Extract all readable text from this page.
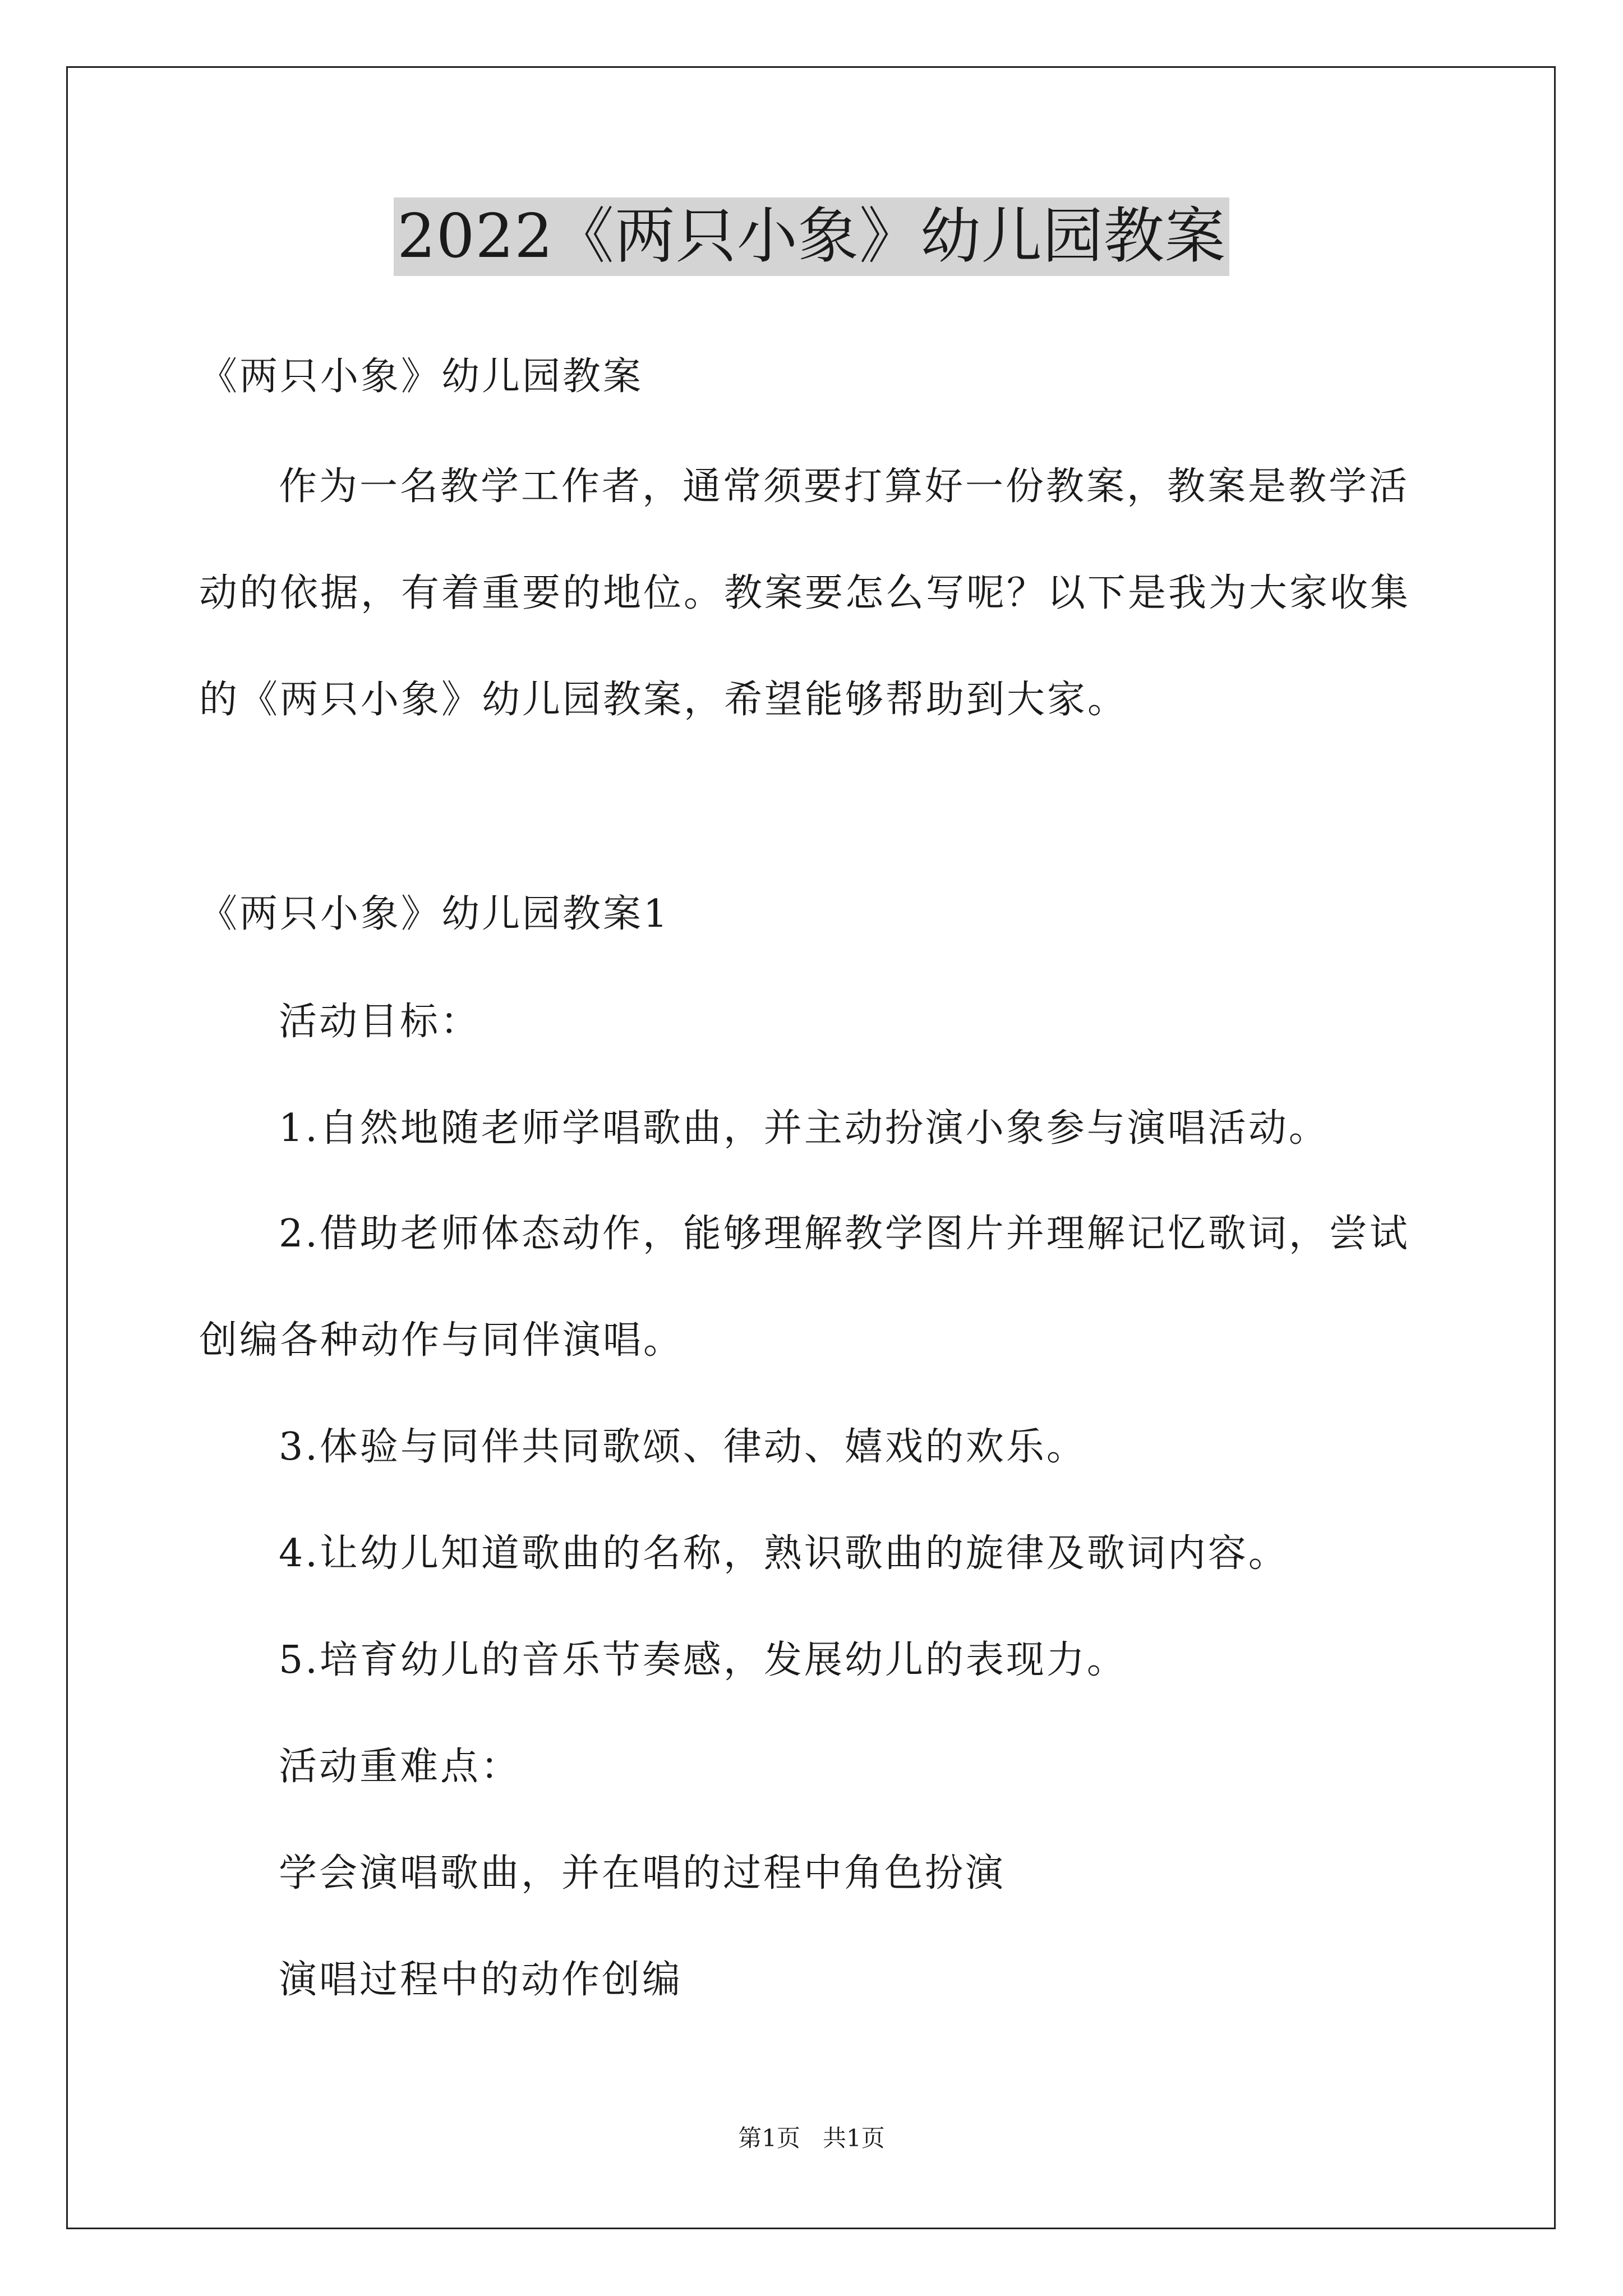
2022《两只小象》幼儿园教案
《两只小象》幼儿园教案
作为一名教学工作者，通常须要打算好一份教案，教案是教学活
动的依据，有着重要的地位。教案要怎么写呢？以下是我为大家收集
的《两只小象》幼儿园教案，希望能够帮助到大家。
《两只小象》幼儿园教案1
活动目标：
1.自然地随老师学唱歌曲，并主动扮演小象参与演唱活动。
2.借助老师体态动作，能够理解教学图片并理解记忆歌词，尝试
创编各种动作与同伴演唱。
3.体验与同伴共同歌颂、律动、嬉戏的欢乐。
4.让幼儿知道歌曲的名称，熟识歌曲的旋律及歌词内容。
5.培育幼儿的音乐节奏感，发展幼儿的表现力。
活动重难点：
学会演唱歌曲，并在唱的过程中角色扮演
演唱过程中的动作创编
第1页   共1页
